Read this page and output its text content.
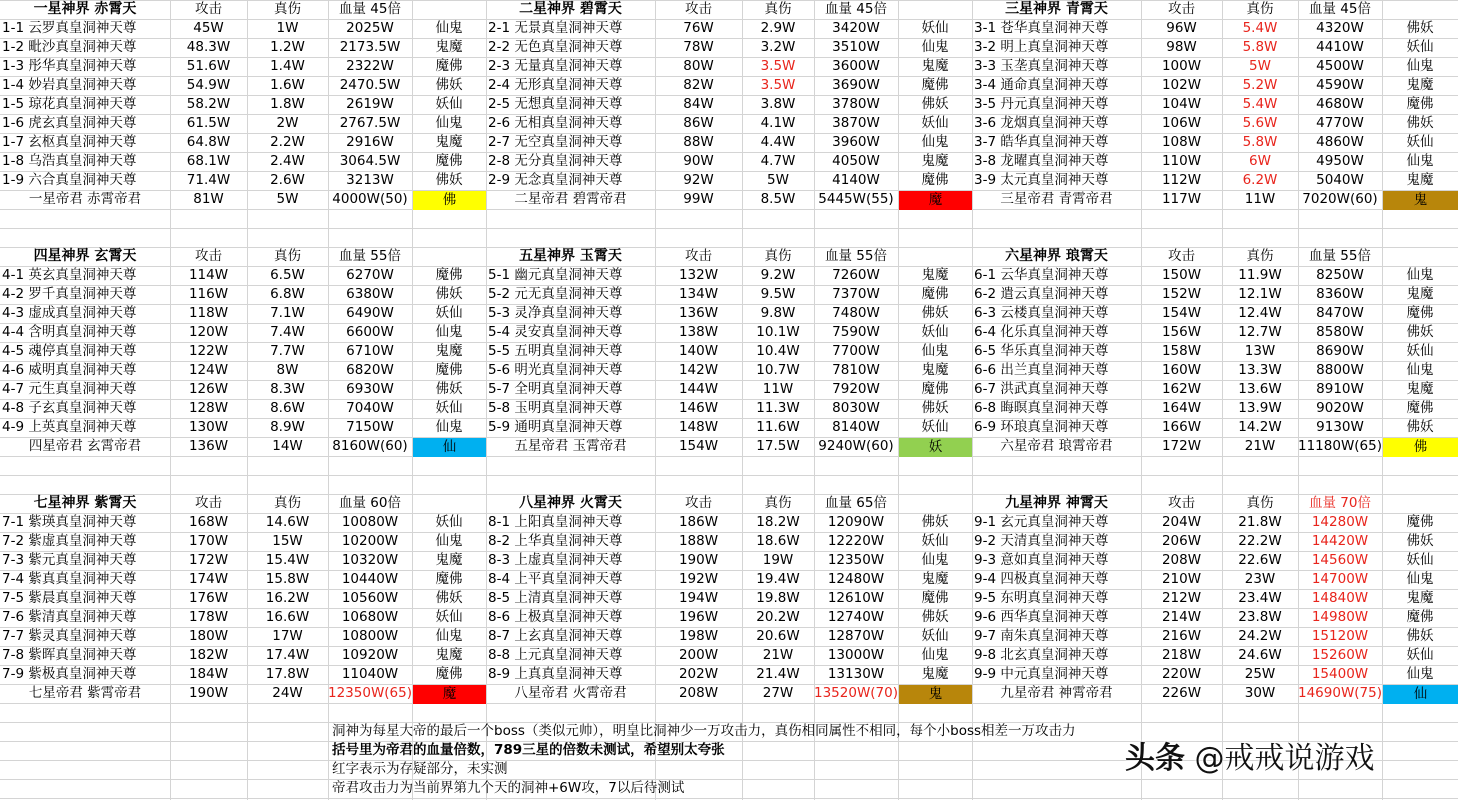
一星神界 赤霄天	攻击	真伤	血量 45倍
1-1 云罗真皇洞神天尊	45W	1W	2025W	仙鬼
1-2 毗沙真皇洞神天尊	48.3W	1.2W	2173.5W	鬼魔
1-3 彤华真皇洞神天尊	51.6W	1.4W	2322W	魔佛
1-4 妙岩真皇洞神天尊	54.9W	1.6W	2470.5W	佛妖
1-5 琼花真皇洞神天尊	58.2W	1.8W	2619W	妖仙
1-6 虎玄真皇洞神天尊	61.5W	2W	2767.5W	仙鬼
1-7 玄枢真皇洞神天尊	64.8W	2.2W	2916W	鬼魔
1-8 乌浩真皇洞神天尊	68.1W	2.4W	3064.5W	魔佛
1-9 六合真皇洞神天尊	71.4W	2.6W	3213W	佛妖
一星帝君 赤霄帝君	81W	5W	4000W(50)	佛
二星神界 碧霄天	攻击	真伤	血量 45倍
2-1 无景真皇洞神天尊	76W	2.9W	3420W	妖仙
2-2 无色真皇洞神天尊	78W	3.2W	3510W	仙鬼
2-3 无量真皇洞神天尊	80W	3.5W	3600W	鬼魔
2-4 无形真皇洞神天尊	82W	3.5W	3690W	魔佛
2-5 无想真皇洞神天尊	84W	3.8W	3780W	佛妖
2-6 无相真皇洞神天尊	86W	4.1W	3870W	妖仙
2-7 无空真皇洞神天尊	88W	4.4W	3960W	仙鬼
2-8 无分真皇洞神天尊	90W	4.7W	4050W	鬼魔
2-9 无念真皇洞神天尊	92W	5W	4140W	魔佛
二星帝君 碧霄帝君	99W	8.5W	5445W(55)	魔
三星神界 青霄天	攻击	真伤	血量 45倍
3-1 苍华真皇洞神天尊	96W	5.4W	4320W	佛妖
3-2 明上真皇洞神天尊	98W	5.8W	4410W	妖仙
3-3 玉垄真皇洞神天尊	100W	5W	4500W	仙鬼
3-4 通命真皇洞神天尊	102W	5.2W	4590W	鬼魔
3-5 丹元真皇洞神天尊	104W	5.4W	4680W	魔佛
3-6 龙烟真皇洞神天尊	106W	5.6W	4770W	佛妖
3-7 皓华真皇洞神天尊	108W	5.8W	4860W	妖仙
3-8 龙曜真皇洞神天尊	110W	6W	4950W	仙鬼
3-9 太元真皇洞神天尊	112W	6.2W	5040W	鬼魔
三星帝君 青霄帝君	117W	11W	7020W(60)	鬼
四星神界 玄霄天	攻击	真伤	血量 55倍
4-1 英玄真皇洞神天尊	114W	6.5W	6270W	魔佛
4-2 罗千真皇洞神天尊	116W	6.8W	6380W	佛妖
4-3 虚成真皇洞神天尊	118W	7.1W	6490W	妖仙
4-4 含明真皇洞神天尊	120W	7.4W	6600W	仙鬼
4-5 魂停真皇洞神天尊	122W	7.7W	6710W	鬼魔
4-6 威明真皇洞神天尊	124W	8W	6820W	魔佛
4-7 元生真皇洞神天尊	126W	8.3W	6930W	佛妖
4-8 子玄真皇洞神天尊	128W	8.6W	7040W	妖仙
4-9 上英真皇洞神天尊	130W	8.9W	7150W	仙鬼
四星帝君 玄霄帝君	136W	14W	8160W(60)	仙
五星神界 玉霄天	攻击	真伤	血量 55倍
5-1 幽元真皇洞神天尊	132W	9.2W	7260W	鬼魔
5-2 元无真皇洞神天尊	134W	9.5W	7370W	魔佛
5-3 灵净真皇洞神天尊	136W	9.8W	7480W	佛妖
5-4 灵安真皇洞神天尊	138W	10.1W	7590W	妖仙
5-5 五明真皇洞神天尊	140W	10.4W	7700W	仙鬼
5-6 明光真皇洞神天尊	142W	10.7W	7810W	鬼魔
5-7 全明真皇洞神天尊	144W	11W	7920W	魔佛
5-8 玉明真皇洞神天尊	146W	11.3W	8030W	佛妖
5-9 通明真皇洞神天尊	148W	11.6W	8140W	妖仙
五星帝君 玉霄帝君	154W	17.5W	9240W(60)	妖
六星神界 琅霄天	攻击	真伤	血量 55倍
6-1 云华真皇洞神天尊	150W	11.9W	8250W	仙鬼
6-2 遣云真皇洞神天尊	152W	12.1W	8360W	鬼魔
6-3 云楼真皇洞神天尊	154W	12.4W	8470W	魔佛
6-4 化乐真皇洞神天尊	156W	12.7W	8580W	佛妖
6-5 华乐真皇洞神天尊	158W	13W	8690W	妖仙
6-6 出兰真皇洞神天尊	160W	13.3W	8800W	仙鬼
6-7 洪武真皇洞神天尊	162W	13.6W	8910W	鬼魔
6-8 晦暝真皇洞神天尊	164W	13.9W	9020W	魔佛
6-9 环琅真皇洞神天尊	166W	14.2W	9130W	佛妖
六星帝君 琅霄帝君	172W	21W	11180W(65)	佛
七星神界 紫霄天	攻击	真伤	血量 60倍
7-1 紫瑛真皇洞神天尊	168W	14.6W	10080W	妖仙
7-2 紫虚真皇洞神天尊	170W	15W	10200W	仙鬼
7-3 紫元真皇洞神天尊	172W	15.4W	10320W	鬼魔
7-4 紫真真皇洞神天尊	174W	15.8W	10440W	魔佛
7-5 紫晨真皇洞神天尊	176W	16.2W	10560W	佛妖
7-6 紫清真皇洞神天尊	178W	16.6W	10680W	妖仙
7-7 紫灵真皇洞神天尊	180W	17W	10800W	仙鬼
7-8 紫晖真皇洞神天尊	182W	17.4W	10920W	鬼魔
7-9 紫极真皇洞神天尊	184W	17.8W	11040W	魔佛
七星帝君 紫霄帝君	190W	24W	12350W(65)	魔
八星神界 火霄天	攻击	真伤	血量 65倍
8-1 上阳真皇洞神天尊	186W	18.2W	12090W	佛妖
8-2 上华真皇洞神天尊	188W	18.6W	12220W	妖仙
8-3 上虚真皇洞神天尊	190W	19W	12350W	仙鬼
8-4 上平真皇洞神天尊	192W	19.4W	12480W	鬼魔
8-5 上清真皇洞神天尊	194W	19.8W	12610W	魔佛
8-6 上极真皇洞神天尊	196W	20.2W	12740W	佛妖
8-7 上玄真皇洞神天尊	198W	20.6W	12870W	妖仙
8-8 上元真皇洞神天尊	200W	21W	13000W	仙鬼
8-9 上真真皇洞神天尊	202W	21.4W	13130W	鬼魔
八星帝君 火霄帝君	208W	27W	13520W(70)	鬼
九星神界 神霄天	攻击	真伤	血量 70倍
9-1 玄元真皇洞神天尊	204W	21.8W	14280W	魔佛
9-2 天清真皇洞神天尊	206W	22.2W	14420W	佛妖
9-3 意如真皇洞神天尊	208W	22.6W	14560W	妖仙
9-4 四极真皇洞神天尊	210W	23W	14700W	仙鬼
9-5 东明真皇洞神天尊	212W	23.4W	14840W	鬼魔
9-6 西华真皇洞神天尊	214W	23.8W	14980W	魔佛
9-7 南朱真皇洞神天尊	216W	24.2W	15120W	佛妖
9-8 北玄真皇洞神天尊	218W	24.6W	15260W	妖仙
9-9 中元真皇洞神天尊	220W	25W	15400W	仙鬼
九星帝君 神霄帝君	226W	30W	14690W(75)	仙
洞神为每星大帝的最后一个boss（类似元帅），明皇比洞神少一万攻击力，真伤相同属性不相同，每个小boss相差一万攻击力
括号里为帝君的血量倍数，789三星的倍数未测试，希望别太夸张
红字表示为存疑部分，未实测
帝君攻击力为当前界第九个天的洞神+6W攻，7以后待测试
头条 @戒戒说游戏
